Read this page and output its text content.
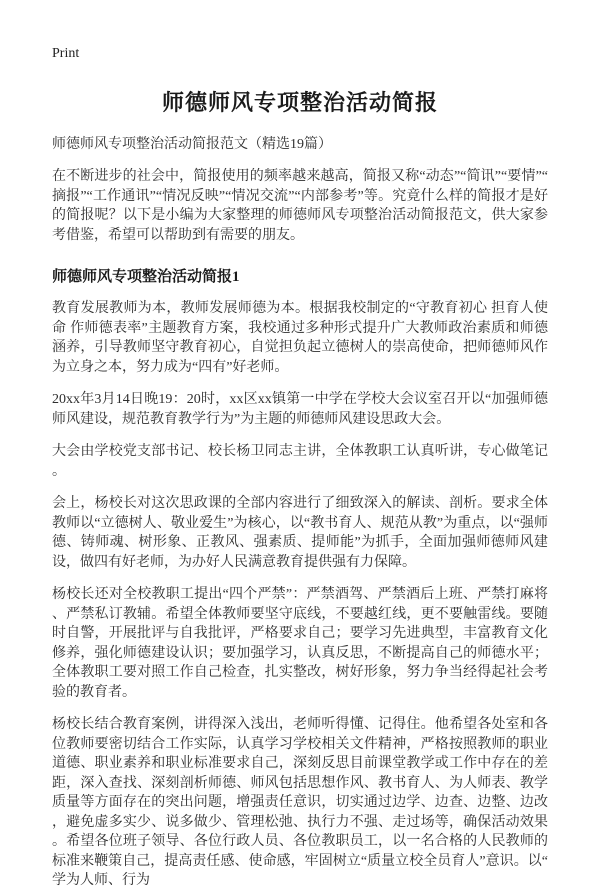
Print
师德师风专项整治活动简报

师德师风专项整治活动简报范文（精选19篇）

在不断进步的社会中，简报使用的频率越来越高，简报又称“动态”“简讯”“要情”“摘报”“工作通讯”“情况反映”“情况交流”“内部参考”等。究竟什么样的简报才是好的简报呢？以下是小编为大家整理的师德师风专项整治活动简报范文，供大家参考借鉴，希望可以帮助到有需要的朋友。

师德师风专项整治活动简报1

教育发展教师为本，教师发展师德为本。根据我校制定的“守教育初心 担育人使命 作师德表率”主题教育方案，我校通过多种形式提升广大教师政治素质和师德涵养，引导教师坚守教育初心，自觉担负起立德树人的崇高使命，把师德师风作为立身之本，努力成为“四有”好老师。

20xx年3月14日晚19：20时，xx区xx镇第一中学在学校大会议室召开以“加强师德师风建设，规范教育教学行为”为主题的师德师风建设思政大会。

大会由学校党支部书记、校长杨卫同志主讲，全体教职工认真听讲，专心做笔记。

会上，杨校长对这次思政课的全部内容进行了细致深入的解读、剖析。要求全体教师以“立德树人、敬业爱生”为核心，以“教书育人、规范从教”为重点，以“强师德、铸师魂、树形象、正教风、强素质、提师能”为抓手，全面加强师德师风建设，做四有好老师，为办好人民满意教育提供强有力保障。

杨校长还对全校教职工提出“四个严禁”：严禁酒驾、严禁酒后上班、严禁打麻将、严禁私订教辅。希望全体教师要坚守底线，不要越红线，更不要触雷线。要随时自警，开展批评与自我批评，严格要求自己；要学习先进典型，丰富教育文化修养，强化师德建设认识；要加强学习，认真反思，不断提高自己的师德水平；全体教职工要对照工作自己检查，扎实整改，树好形象，努力争当经得起社会考验的教育者。

杨校长结合教育案例，讲得深入浅出，老师听得懂、记得住。他希望各处室和各位教师要密切结合工作实际，认真学习学校相关文件精神，严格按照教师的职业道德、职业素养和职业标准要求自己，深刻反思目前课堂教学或工作中存在的差距，深入查找、深刻剖析师德、师风包括思想作风、教书育人、为人师表、教学质量等方面存在的突出问题，增强责任意识，切实通过边学、边查、边整、边改，避免虚多实少、说多做少、管理松弛、执行力不强、走过场等，确保活动效果。希望各位班子领导、各位行政人员、各位教职员工，以一名合格的人民教师的标准来鞭策自己，提高责任感、使命感，牢固树立“质量立校全员育人”意识。以“学为人师、行为
